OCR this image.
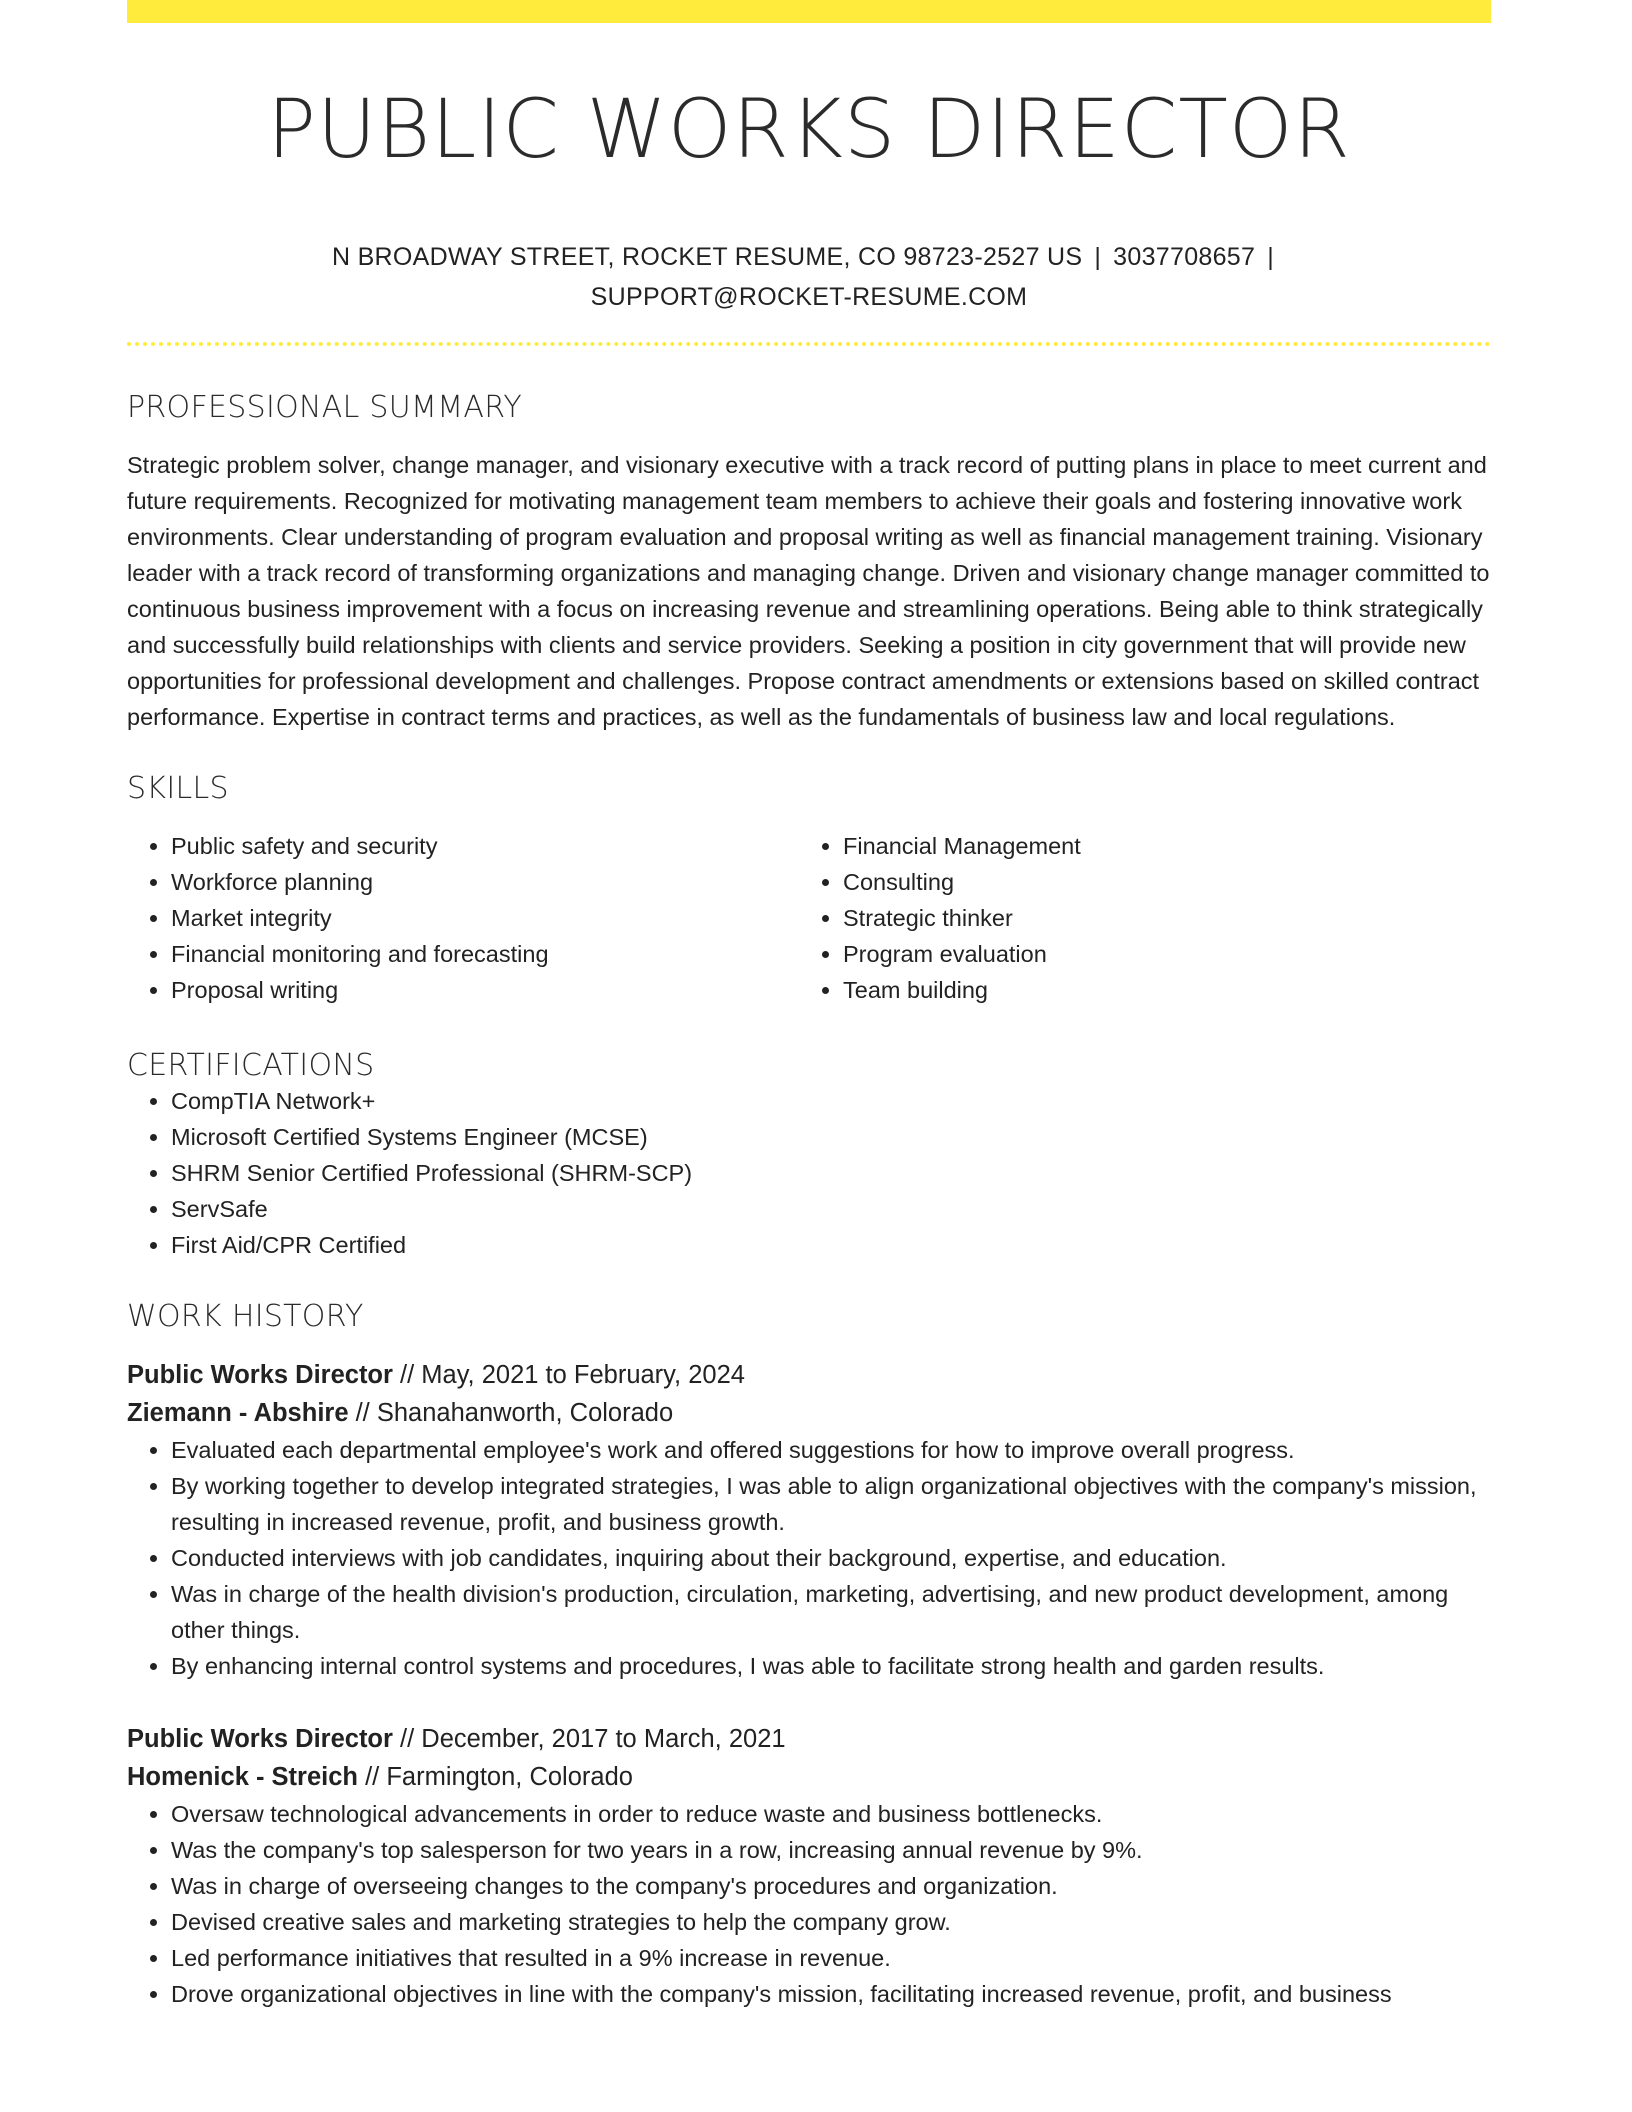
PUBLIC WORKS DIRECTOR
N BROADWAY STREET, ROCKET RESUME, CO 98723-2527 US | 3037708657 |
SUPPORT@ROCKET-RESUME.COM
PROFESSIONAL SUMMARY

Strategic problem solver, change manager, and visionary executive with a track record of putting plans in place to meet current and future requirements. Recognized for motivating management team members to achieve their goals and fostering innovative work environments. Clear understanding of program evaluation and proposal writing as well as financial management training. Visionary leader with a track record of transforming organizations and managing change. Driven and visionary change manager committed to continuous business improvement with a focus on increasing revenue and streamlining operations. Being able to think strategically and successfully build relationships with clients and service providers. Seeking a position in city government that will provide new opportunities for professional development and challenges. Propose contract amendments or extensions based on skilled contract performance. Expertise in contract terms and practices, as well as the fundamentals of business law and local regulations.

SKILLS
• Public safety and security
• Workforce planning
• Market integrity
• Financial monitoring and forecasting
• Proposal writing
• Financial Management
• Consulting
• Strategic thinker
• Program evaluation
• Team building
CERTIFICATIONS
• CompTIA Network+
• Microsoft Certified Systems Engineer (MCSE)
• SHRM Senior Certified Professional (SHRM-SCP)
• ServSafe
• First Aid/CPR Certified
WORK HISTORY
Public Works Director // May, 2021 to February, 2024
Ziemann - Abshire // Shanahanworth, Colorado
• Evaluated each departmental employee's work and offered suggestions for how to improve overall progress.
• By working together to develop integrated strategies, I was able to align organizational objectives with the company's mission, resulting in increased revenue, profit, and business growth.
• Conducted interviews with job candidates, inquiring about their background, expertise, and education.
• Was in charge of the health division's production, circulation, marketing, advertising, and new product development, among other things.
• By enhancing internal control systems and procedures, I was able to facilitate strong health and garden results.
Public Works Director // December, 2017 to March, 2021
Homenick - Streich // Farmington, Colorado
• Oversaw technological advancements in order to reduce waste and business bottlenecks.
• Was the company's top salesperson for two years in a row, increasing annual revenue by 9%.
• Was in charge of overseeing changes to the company's procedures and organization.
• Devised creative sales and marketing strategies to help the company grow.
• Led performance initiatives that resulted in a 9% increase in revenue.
• Drove organizational objectives in line with the company's mission, facilitating increased revenue, profit, and business
